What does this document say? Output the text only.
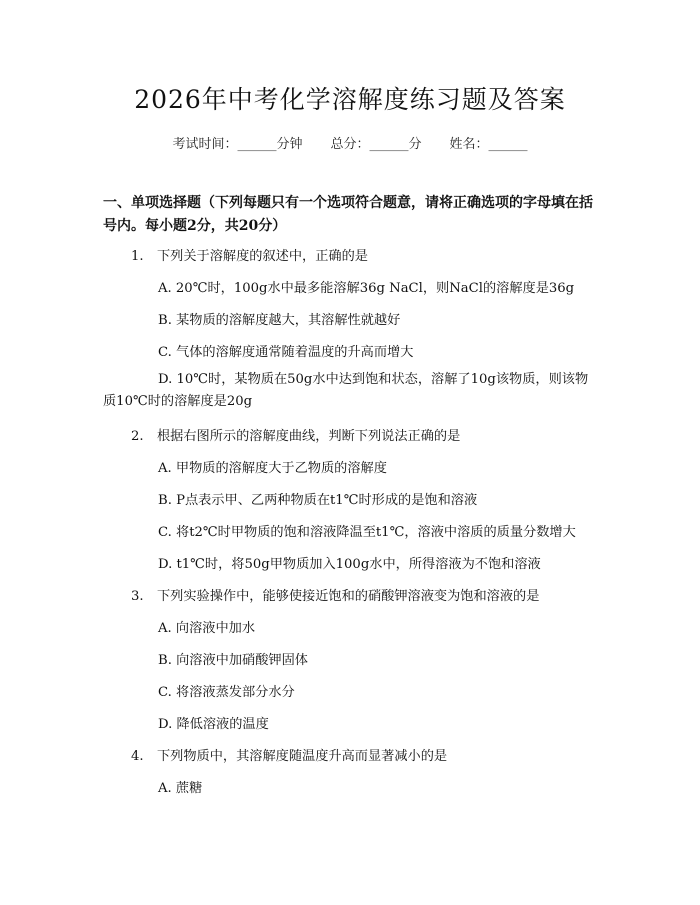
2026年中考化学溶解度练习题及答案
考试时间：______分钟 总分：______分 姓名：______
一、单项选择题（下列每题只有一个选项符合题意，请将正确选项的字母填在括号内。每小题2分，共20分）
1. 下列关于溶解度的叙述中，正确的是
A. 20℃时，100g水中最多能溶解36g NaCl，则NaCl的溶解度是36g
B. 某物质的溶解度越大，其溶解性就越好
C. 气体的溶解度通常随着温度的升高而增大
D. 10℃时，某物质在50g水中达到饱和状态，溶解了10g该物质，则该物质10℃时的溶解度是20g
2. 根据右图所示的溶解度曲线，判断下列说法正确的是
A. 甲物质的溶解度大于乙物质的溶解度
B. P点表示甲、乙两种物质在t1℃时形成的是饱和溶液
C. 将t2℃时甲物质的饱和溶液降温至t1℃，溶液中溶质的质量分数增大
D. t1℃时，将50g甲物质加入100g水中，所得溶液为不饱和溶液
3. 下列实验操作中，能够使接近饱和的硝酸钾溶液变为饱和溶液的是
A. 向溶液中加水
B. 向溶液中加硝酸钾固体
C. 将溶液蒸发部分水分
D. 降低溶液的温度
4. 下列物质中，其溶解度随温度升高而显著减小的是
A. 蔗糖
